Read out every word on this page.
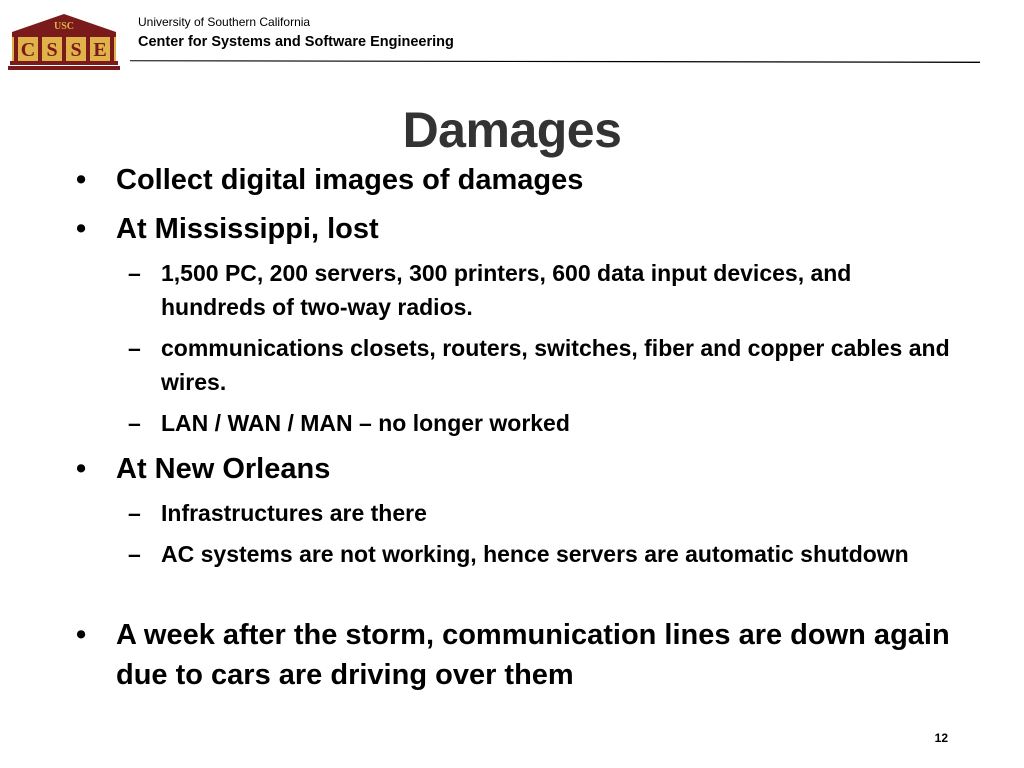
USC
C S S E
University of Southern California
Center for Systems and Software Engineering
Damages
•	Collect digital images of damages
•	At Mississippi, lost
– 1,500 PC, 200 servers, 300 printers, 600 data input devices, and hundreds of two-way radios.
– communications closets, routers, switches, fiber and copper cables and wires.
– LAN / WAN / MAN – no longer worked
•	At New Orleans
– Infrastructures are there
– AC systems are not working, hence servers are automatic shutdown
•	A week after the storm, communication lines are down again due to cars are driving over them
12
